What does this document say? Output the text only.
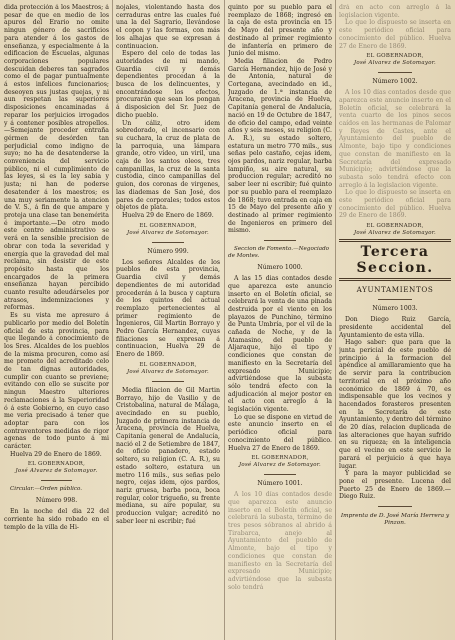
dida protección á los Maestros; á pesar de que en medio de los apuros del Erario no omite ningun género de sacrificios para atender á los gastos de enseñanza, y especialmente á la edificacion de Escuelas, algunas corporaciones populares descuidan deberes tan sagrados como el de pagar puntualmente á estos infelices funcionarios; deseoyen sus justas quejas, y ni aun respetan las superiores disposiciones encaminadas á reparar los perjuicios irrogados y á contener posibles atropellos.—Semejante proceder entraña gérmen de desórden tan perjudicial como indigno de suyo; no ha de desatenderse la conveniencia del servicio público, ni el cumplimiento de las leyes, si es la ley sabia y justa; ni han de poderse desatender á los maestros; es una muy seriamente la atencion de V. S., á fin de que ampare y proteja una clase tan benemérita é importante.—De otro modo este centro administrativo se verá en la sensible precision de obrar con toda la severidad y energía que la gravedad del mal reclama, sin desistir de este propósito hasta que los encargados de la primera enseñanza hayan percibido cuanto resulte adeudárseles por atrasos, indemnizaciones y reformas.

Es su vista me apresuro á publicarlo por medio del Boletín oficial de esta provincia, para que llegando á conocimiento de los Sres. Alcaldes de los pueblos de la misma procuren, como así me prometo del acreditado celo de tan dignas autoridades, cumplir con cuanto se previene; evitando con ello se suscite por ningun Maestro ulteriores reclamaciones á la Superioridad ó á este Gobierno, en cuyo caso me veria precisado á tener que adoptar para con los contraventores medidas de rigor agenas de todo punto á mi carácter.

Huelva 29 de Enero de 1869.

EL GOBERNADOR,

José Alvarez de Sotomayor.

Circular.—Orden público.

Número 998.

En la noche del dia 22 del corriente ha sido robado en el templo de la villa de Hi-

nojales, violentando hasta dos cerraduras entre las cuales fué una la del Sagrario, llevándose el copon y las formas, con más los alhajas que se expresan á continuacion.

Espero del celo de todas las autoridades de mi mando, Guardia civil y demás dependientes procedan á la busca de los delincuentes, y encontrándose los efectos, procurarán que sean los pongan á disposicion del Sr. Juez de dicho pueblo.

Un cáliz, otro idem sobredorado, el incensario con su cuchara, la cruz de plata de la parroquia, una lámpara grande, otro vídeo, un viril, una caja de los santos oleos, tres campanillas, la cruz de la santa custodia, cinco campanillas del guion, dos coronas de virgenes, las diademas de San José, dos pares de corporales; todos estos objetos de plata.

Huelva 29 de Enero de 1869.

EL GOBERNADOR,

José Alvarez de Sotomayor.

Número 999.

Los señores Alcaldes de los pueblos de esta provincia, Guardia civil y demás dependientes de mi autoridad procederán á la busca y captura de los quintos del actual reemplazo pertenecientes al primer regimiento de Ingenieros, Gil Martin Borrayo y Pedro García Hernandez, cuyas filiaciones se expresan á continuacion, Huelva 29 de Enero de 1869.

EL GOBERNADOR,

José Alvarez de Sotomayor.

Media filiacion de Gil Martin Borrayo, hijo de Vasilio y de Cristobalina, natural de Málaga, avecindado en su pueblo, Juzgado de primera instancia de Aracena, provincia de Huelva, Capitanía general de Andalucía, nació el 2 de Setiembre de 1847, de oficio panadero, estado soltero, su religion (C. A. R.), su estado soltero, estatura un metro 116 mils., sus señas pelo negro, cejas idem, ojos pardos, nariz gruesa, barba poca, boca regular, color trigueño, su frente mediana, su aire popular, su produccion vulgar; acreditó no saber leer ni escribir; fué

quinto por su pueblo para el reemplazo de 1868; ingresó en la caja de esta provincia en 15 de Mayo del presente año y destinado al primer regimiento de infantería en primero de Junio del mismo.

Media filiacion de Pedro García Hernandez, hijo de José y de Antonia, natural de Cortegana, avecindado en id., Juzgado de 1.ª instancia de Aracena, provincia de Huelva, Capitanía general de Andalucía, nació en 19 de Octubre de 1847, de oficio del campo, edad veinte años y seis meses, su religion (C. A. R.), su estado soltero, estatura un metro 770 mils., sus señas pelo castaño, cejas idem, ojos pardos, nariz regular, barba lampiño, su aire natural, su produccion regular; acreditó no saber leer ni escribir; fué quinto por su pueblo para el reemplazo de 1868; tuvo entrada en caja en 15 de Mayo del presente año y destinado al primer regimiento de Ingenieros en primero del mismo.

Seccion de Fomento.—Negociado de Montes.

Número 1000.

A las 15 dias contados desde que aparezca este anuncio inserto en el Boletín oficial, se celebrará la venta de una pinada destruida por el viento en los playazos de Punchino, término de Punta Umbría, por el vil de la cañada de Noche, y de la Atamasino, del pueblo de Aljaraque, hijo el tipo y condiciones que constan de manifiesto en la Secretaría del expresado Municipio; advirtiéndose que la subasta sólo tendrá efecto con la adjudicación al mejor postor en el acto con arreglo á la legislación vigente.

Lo que se dispone en virtud de este anuncio inserto en el periódico oficial para conocimiento del público. Huelva 27 de Enero de 1869.

EL GOBERNADOR,

José Alvarez de Sotomayor.

Número 1001.

A los 10 días contados desde que aparezca este anuncio inserto en el Boletín oficial, se celebrará la subasta, término de tres pesos sóbranos al abrido á Tirabarca, anejo al Ayuntamiento del pueblo de Almonte, bajo el tipo y condiciones que constan de manifiesto en la Secretaría del expresado Municipio; advirtiéndose que la subasta solo tendrá

drá en acto con arreglo á la legislacion vigente.

Lo que lo dispuesto se inserta en este periódico oficial para conocimiento del público. Huelva 27 de Enero de 1869.

EL GOBERNADOR,

José Alvarez de Sotomayor.

Número 1002.

A los 10 días contados desde que aparezca este anuncio inserto en el Boletín oficial, se celebrará la venta cuarto de los pinos secos caídos en las hermanas de Palomar y Reyes de Castes, ante el Ayuntamiento del pueblo de Almonte, bajo tipo y condiciones que constan de manifiesto en la Secretaría del expresado Municipio; advirtiéndose que la subasta solo tendrá efecto con arreglo á la legislacion vigente.

Lo que lo dispuesto se inserta en este periódico oficial para conocimiento del público. Huelva 29 de Enero de 1869.

EL GOBERNADOR,

José Alvarez de Sotomayor.

Tercera Seccion.

AYUNTAMIENTOS

Número 1003.

Don Diego Ruiz García, presidente accidental del Ayuntamiento de esta villa.

Hago saber: que para que la junta pericial de este pueblo dé principio á la formacion del apéndice al amillaramiento que ha de servir para la contribucion territorial en el próximo año económico de 1869 á 70, es indispensable que los vecinos y hacendados forasteros presenten en la Secretaría de este Ayuntamiento, y dentro del término de 20 días, relacion duplicada de las alteraciones que hayan sufrido en su riqueza; en la inteligencia que el vecino en este servicio le parará el perjuicio á que haya lugar.

Y para la mayor publicidad se pone el presente. Lucena del Puerto 25 de Enero de 1869.—Diego Ruiz.

Imprenta de D. José María Herrera y Pinzon.
